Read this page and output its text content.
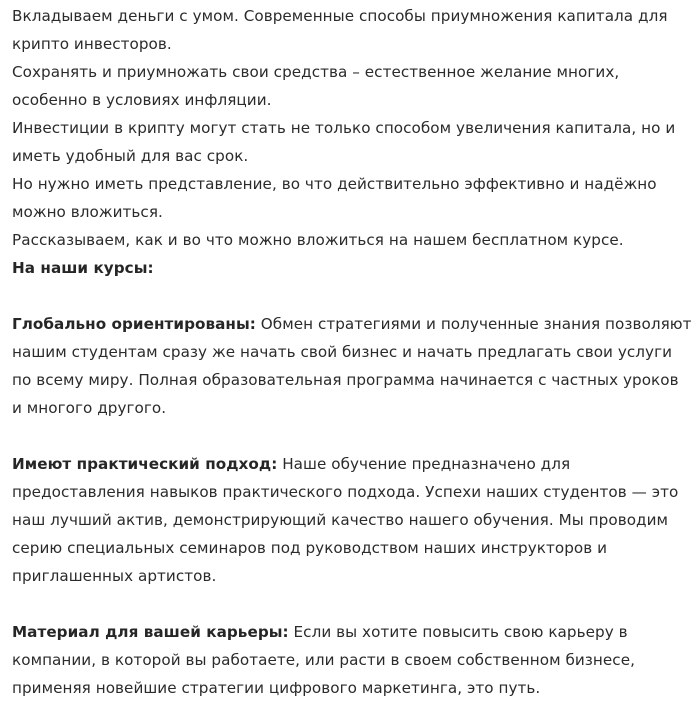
Вкладываем деньги с умом. Современные способы приумножения капитала для крипто инвесторов.

Сохранять и приумножать свои средства – естественное желание многих, особенно в условиях инфляции.

Инвестиции в крипту могут стать не только способом увеличения капитала, но и иметь удобный для вас срок.

Но нужно иметь представление, во что действительно эффективно и надёжно можно вложиться.

Рассказываем, как и во что можно вложиться на нашем бесплатном курсе.

На наши курсы:

Глобально ориентированы: Обмен стратегиями и полученные знания позволяют нашим студентам сразу же начать свой бизнес и начать предлагать свои услуги по всему миру. Полная образовательная программа начинается с частных уроков и многого другого.

Имеют практический подход: Наше обучение предназначено для предоставления навыков практического подхода. Успехи наших студентов — это наш лучший актив, демонстрирующий качество нашего обучения. Мы проводим серию специальных семинаров под руководством наших инструкторов и приглашенных артистов.

Материал для вашей карьеры: Если вы хотите повысить свою карьеру в компании, в которой вы работаете, или расти в своем собственном бизнесе, применяя новейшие стратегии цифрового маркетинга, это путь.
